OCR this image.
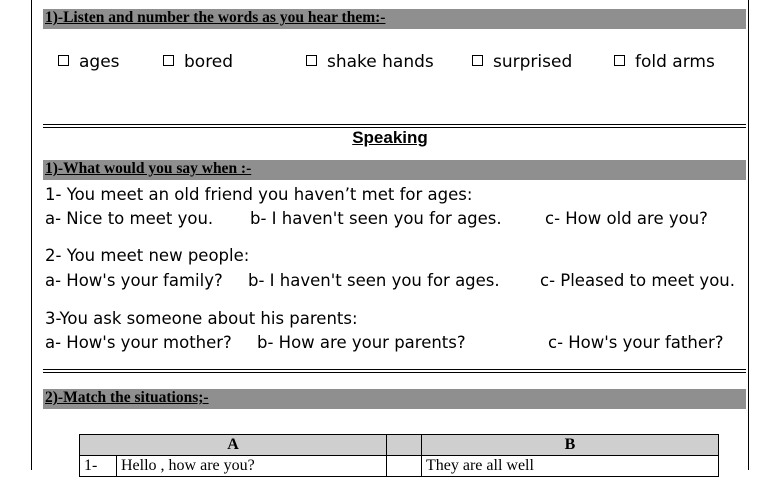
1)-Listen and number the words as you hear them:-
ages	bored	shake hands	surprised	fold arms
Speaking
1)-What would you say when :-
1- You meet an old friend you haven’t met for ages:
a- Nice to meet you. b- I haven't seen you for ages.	c- How old are you?
2- You meet new people:
a- How's your family? b- I haven't seen you for ages. c- Pleased to meet you.
3-You ask someone about his parents:
a- How's your mother? b- How are your parents?	c- How's your father?
2)-Match the situations;-
A			B
1-	Hello , how are you?		They are all well
